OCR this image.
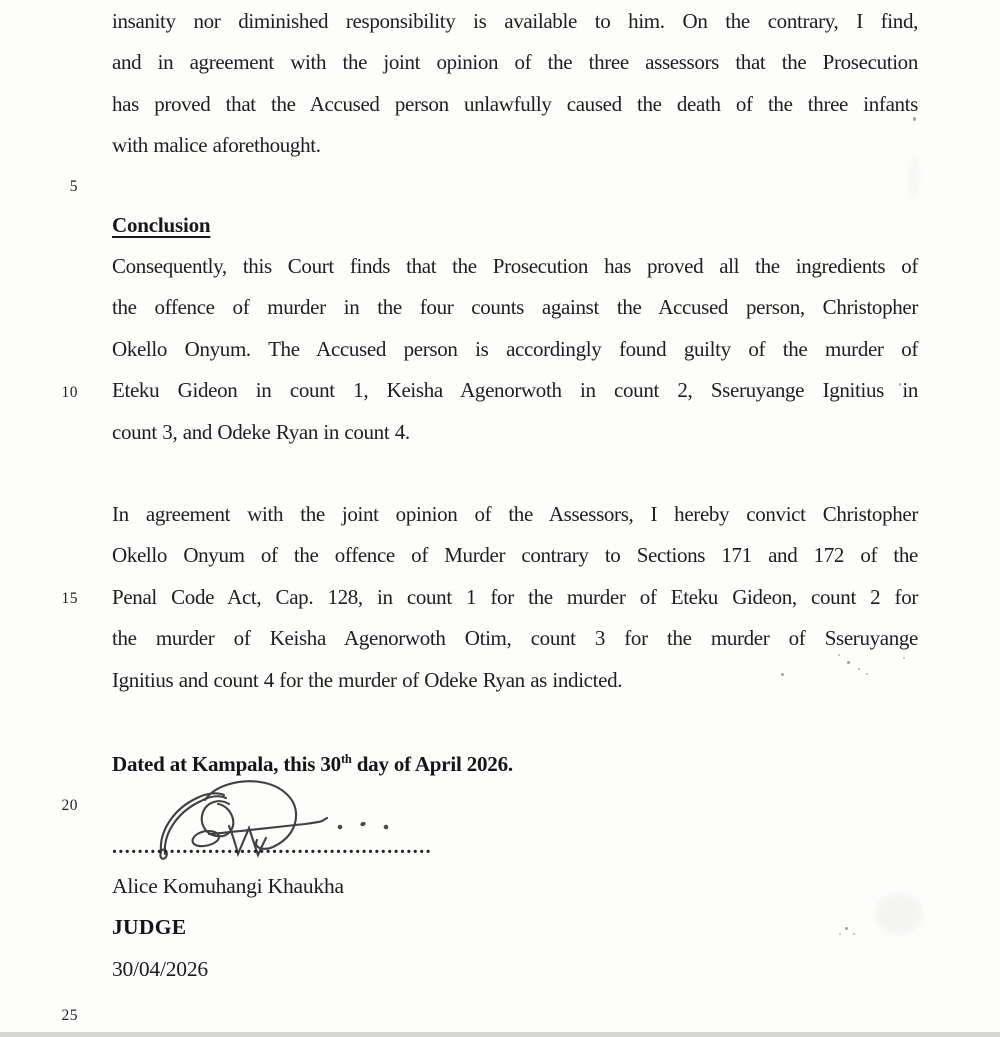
5
10
15
20
25
insanity nor diminished responsibility is available to him. On the contrary, I find,
and in agreement with the joint opinion of the three assessors that the Prosecution
has proved that the Accused person unlawfully caused the death of the three infants
with malice aforethought.
Conclusion
Consequently, this Court finds that the Prosecution has proved all the ingredients of
the offence of murder in the four counts against the Accused person, Christopher
Okello Onyum. The Accused person is accordingly found guilty of the murder of
Eteku Gideon in count 1, Keisha Agenorwoth in count 2, Sseruyange Ignitius in
count 3, and Odeke Ryan in count 4.
In agreement with the joint opinion of the Assessors, I hereby convict Christopher
Okello Onyum of the offence of Murder contrary to Sections 171 and 172 of the
Penal Code Act, Cap. 128, in count 1 for the murder of Eteku Gideon, count 2 for
the murder of Keisha Agenorwoth Otim, count 3 for the murder of Sseruyange
Ignitius and count 4 for the murder of Odeke Ryan as indicted.

Dated at Kampala, this 30th day of April 2026.

..................................................
Alice Komuhangi Khaukha
JUDGE
30/04/2026
